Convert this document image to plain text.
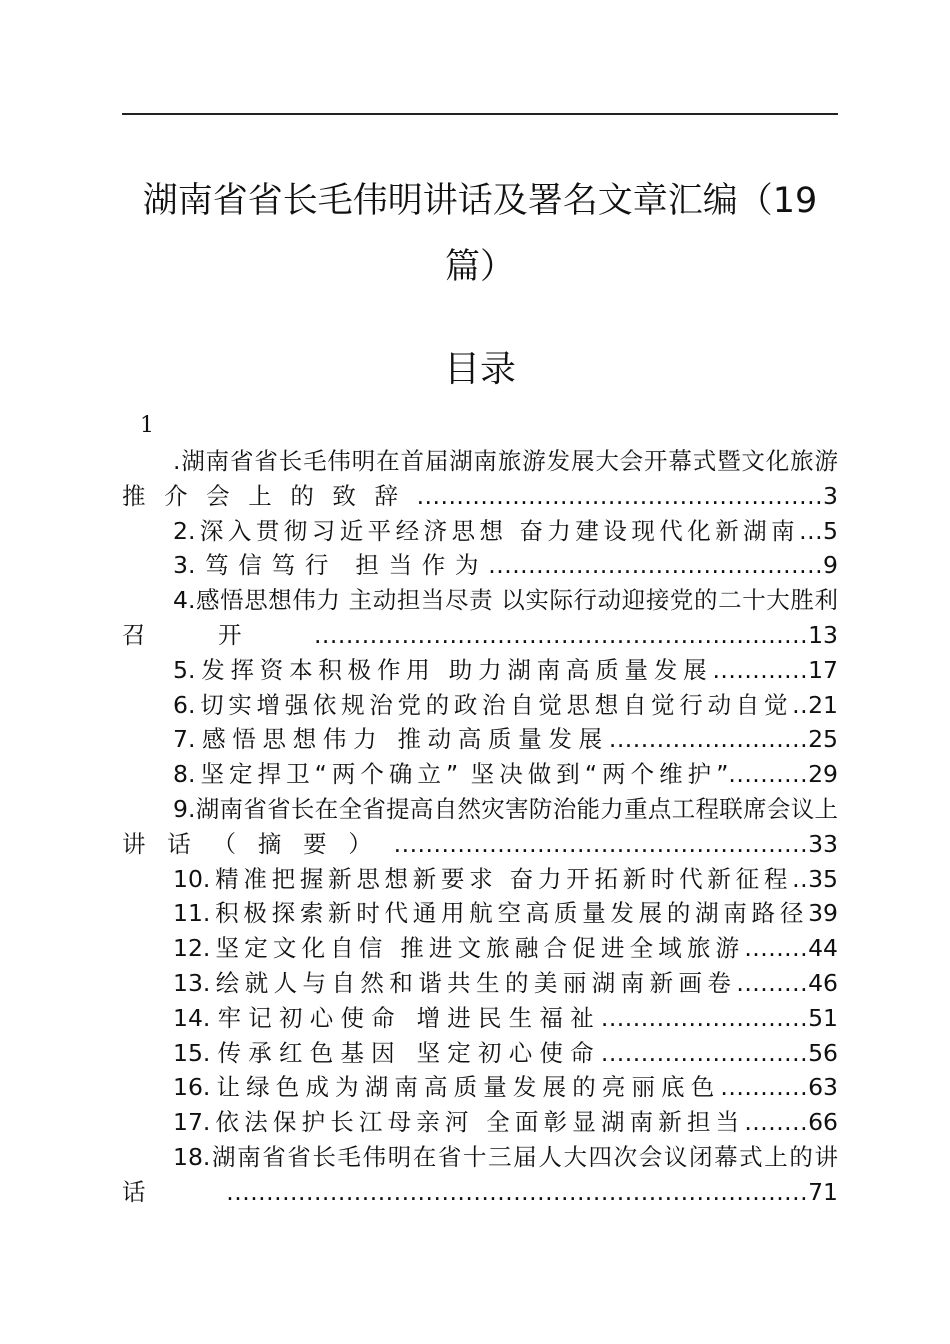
湖南省省长毛伟明讲话及署名文章汇编（19篇）
目录
1
.湖南省省长毛伟明在首届湖南旅游发展大会开幕式暨文化旅游推介会上的致辞...................................................3
2.深入贯彻习近平经济思想 奋力建设现代化新湖南...5
3.笃信笃行 担当作为..........................................9
4.感悟思想伟力 主动担当尽责 以实际行动迎接党的二十大胜利召开..............................................................13
5.发挥资本积极作用 助力湖南高质量发展............17
6.切实增强依规治党的政治自觉思想自觉行动自觉..21
7.感悟思想伟力 推动高质量发展.........................25
8.坚定捍卫“两个确立” 坚决做到“两个维护”..........29
9.湖南省省长在全省提高自然灾害防治能力重点工程联席会议上讲话（摘要）....................................................33
10.精准把握新思想新要求 奋力开拓新时代新征程..35
11.积极探索新时代通用航空高质量发展的湖南路径39
12.坚定文化自信 推进文旅融合促进全域旅游........44
13.绘就人与自然和谐共生的美丽湖南新画卷.........46
14.牢记初心使命 增进民生福祉..........................51
15.传承红色基因 坚定初心使命..........................56
16.让绿色成为湖南高质量发展的亮丽底色...........63
17.依法保护长江母亲河 全面彰显湖南新担当........66
18.湖南省省长毛伟明在省十三届人大四次会议闭幕式上的讲话.........................................................................71
